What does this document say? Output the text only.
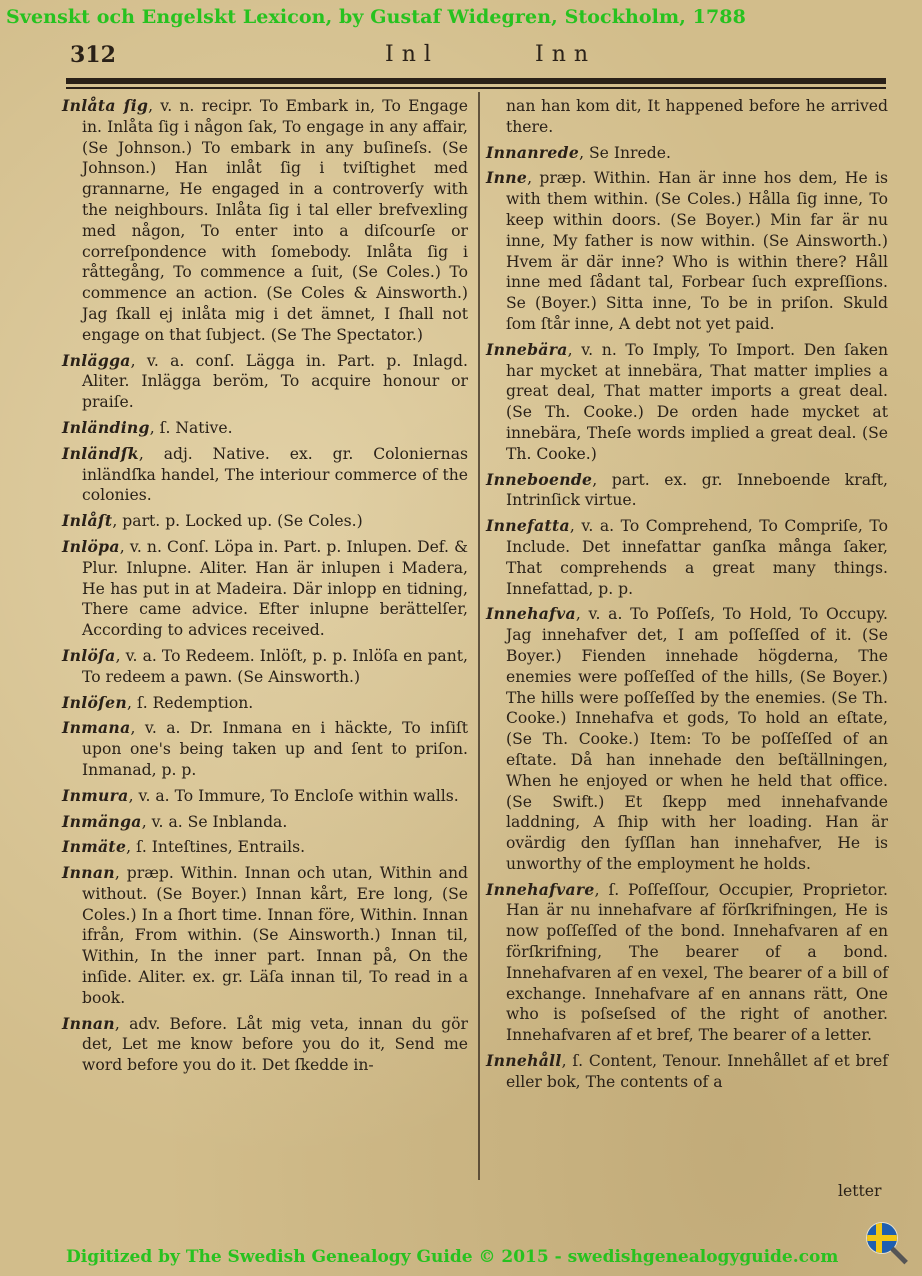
Svenskt och Engelskt Lexicon, by Gustaf Widegren, Stockholm, 1788
312	Inl	Inn

Inlåta ſig, v. n. recipr. To Embark in, To Engage in. Inlåta ſig i någon ſak, To engage in any affair, (Se Johnson.) To embark in any buſineſs. (Se Johnson.) Han inlåt ſig i tviſtighet med grannarne, He engaged in a controverſy with the neighbours. Inlåta ſig i tal eller brefvexling med någon, To enter into a diſcourſe or correſpondence with ſomebody. Inlåta ſig i råttegång, To commence a ſuit, (Se Coles.) To commence an action. (Se Coles & Ainsworth.) Jag ſkall ej inlåta mig i det ämnet, I ſhall not engage on that ſubject. (Se The Spectator.)

Inlägga, v. a. conſ. Lägga in. Part. p. Inlagd. Aliter. Inlägga beröm, To acquire honour or praiſe.

Inländing, ſ. Native.

Inländſk, adj. Native. ex. gr. Coloniernas inländſka handel, The interiour commerce of the colonies.

Inlåſt, part. p. Locked up. (Se Coles.)

Inlöpa, v. n. Conſ. Löpa in. Part. p. Inlupen. Def. & Plur. Inlupne. Aliter. Han är inlupen i Madera, He has put in at Madeira. Där inlopp en tidning, There came advice. Efter inlupne berättelſer, According to advices received.

Inlöſa, v. a. To Redeem. Inlöſt, p. p. Inlöſa en pant, To redeem a pawn. (Se Ainsworth.)

Inlöſen, ſ. Redemption.

Inmana, v. a. Dr. Inmana en i häckte, To inſiſt upon one's being taken up and ſent to priſon. Inmanad, p. p.

Inmura, v. a. To Immure, To Encloſe within walls.

Inmänga, v. a. Se Inblanda.

Inmäte, ſ. Inteſtines, Entrails.

Innan, præp. Within. Innan och utan, Within and without. (Se Boyer.) Innan kårt, Ere long, (Se Coles.) In a ſhort time. Innan före, Within. Innan ifrån, From within. (Se Ainsworth.) Innan til, Within, In the inner part. Innan på, On the inſide. Aliter. ex. gr. Läſa innan til, To read in a book.

Innan, adv. Before. Låt mig veta, innan du gör det, Let me know before you do it, Send me word before you do it. Det ſkedde in-

nan han kom dit, It happened before he arrived there.

Innanrede, Se Inrede.

Inne, præp. Within. Han är inne hos dem, He is with them within. (Se Coles.) Hålla ſig inne, To keep within doors. (Se Boyer.) Min far är nu inne, My father is now within. (Se Ainsworth.) Hvem är där inne? Who is within there? Håll inne med ſådant tal, Forbear ſuch expreſſions. Se (Boyer.) Sitta inne, To be in priſon. Skuld ſom ſtår inne, A debt not yet paid.

Innebära, v. n. To Imply, To Import. Den ſaken har mycket at innebära, That matter implies a great deal, That matter imports a great deal. (Se Th. Cooke.) De orden hade mycket at innebära, Theſe words implied a great deal. (Se Th. Cooke.)

Inneboende, part. ex. gr. Inneboende kraft, Intrinſick virtue.

Innefatta, v. a. To Comprehend, To Compriſe, To Include. Det innefattar ganſka många ſaker, That comprehends a great many things. Innefattad, p. p.

Innehafva, v. a. To Poſſeſs, To Hold, To Occupy. Jag innehafver det, I am poſſeſſed of it. (Se Boyer.) Fienden innehade högderna, The enemies were poſſeſſed of the hills, (Se Boyer.) The hills were poſſeſſed by the enemies. (Se Th. Cooke.) Innehafva et gods, To hold an eſtate, (Se Th. Cooke.) Item: To be poſſeſſed of an eſtate. Då han innehade den beſtällningen, When he enjoyed or when he held that office. (Se Swift.) Et ſkepp med innehafvande laddning, A ſhip with her loading. Han är ovärdig den ſyſſlan han innehafver, He is unworthy of the employment he holds.

Innehafvare, ſ. Poſſeſſour, Occupier, Proprietor. Han är nu innehafvare af förſkrifningen, He is now poſſeſſed of the bond. Innehafvaren af en förſkrifning, The bearer of a bond. Innehafvaren af en vexel, The bearer of a bill of exchange. Innehafvare af en annans rätt, One who is poſseſsed of the right of another. Innehafvaren af et bref, The bearer of a letter.

Innehåll, ſ. Content, Tenour. Innehållet af et bref eller bok, The contents of a

letter
Digitized by The Swedish Genealogy Guide © 2015 - swedishgenealogyguide.com
